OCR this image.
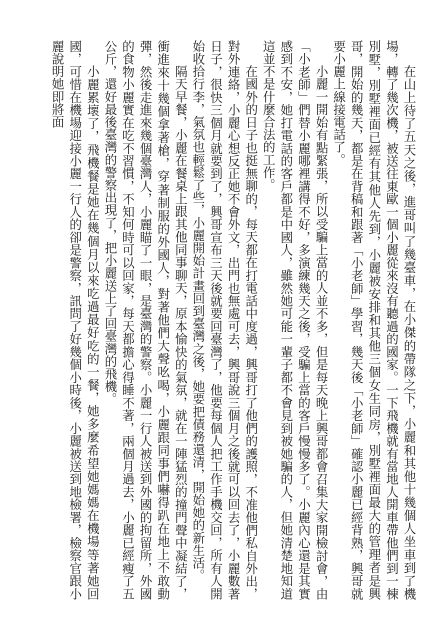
在山上待了五天之後，進哥叫了幾臺車，在小傑的帶隊之下，小麗和其他十幾個人坐車到了機場，轉了幾次機，被送往東歐一個小麗從來沒有聽過的國家。一下飛機就有當地人開車帶他們到一棟別墅，別墅裡面已經有其他人先到，小麗被安排和其他三個女生同房，別墅裡面最大的管理者是興哥，開始的幾天，都是在背稿和跟著「小老師」學習，幾天後「小老師」確認小麗已經背熟，興哥就要小麗上線接電話了。

小麗一開始有點緊張，所以受騙上當的人並不多，但是每天晚上興哥都會召集大家開檢討會，由「小老師」們替小麗哪裡講得不好，多演練幾天之後，受騙上當的客戶慢慢多了。小麗內心還是其實感到不安，她打電話的客戶都是中國人，雖然她可能一輩子都不會見到被她騙的人，但她清楚地知道這並不是什麼合法的工作。

在國外的日子也挺無聊的，每天都在打電話中度過，興哥打了他們的護照，不准他們私自外出，對外連絡，小麗心想反正她不會外文，出門也無處可去，興哥說三個月之後就可以回去了，小麗數著日子，很快三個月就要到了，興哥宣布三天後就要回臺灣了，他要每個人把工作手機交回，所有人開始收拾行李，氣氛也輕鬆了些，小麗開始計畫回到臺灣之後，她要把債務還清，開始她的新生活。

隔天早餐，小麗在餐桌上跟其他同事聊天，原本愉快的氣氛，就在一陣猛烈的撞門聲中凝結了，衝進來十幾個拿著槍，穿著制服的外國人，對著他們大聲吆喝，小麗跟同事們嚇得趴在地上不敢動彈，然後走進來幾個臺灣人，小麗瞄了一眼，是臺灣的警察。小麗一行人被送到外國的拘留所，外國的食物小麗實在吃不習慣，不知何時可以回家，每天都擔心得睡不著，兩個月過去，小麗已經瘦了五公斤，還好最後臺灣的警察出現了，把小麗送上了回臺灣的飛機。

小麗累壞了，飛機餐是她在幾個月以來吃過最好吃的一餐，她多麼希望她媽媽在機場等著她回國，可惜在機場迎接小麗一行人的卻是警察，訊問了好幾個小時後，小麗被送到地檢署，檢察官跟小麗說明她即將面
